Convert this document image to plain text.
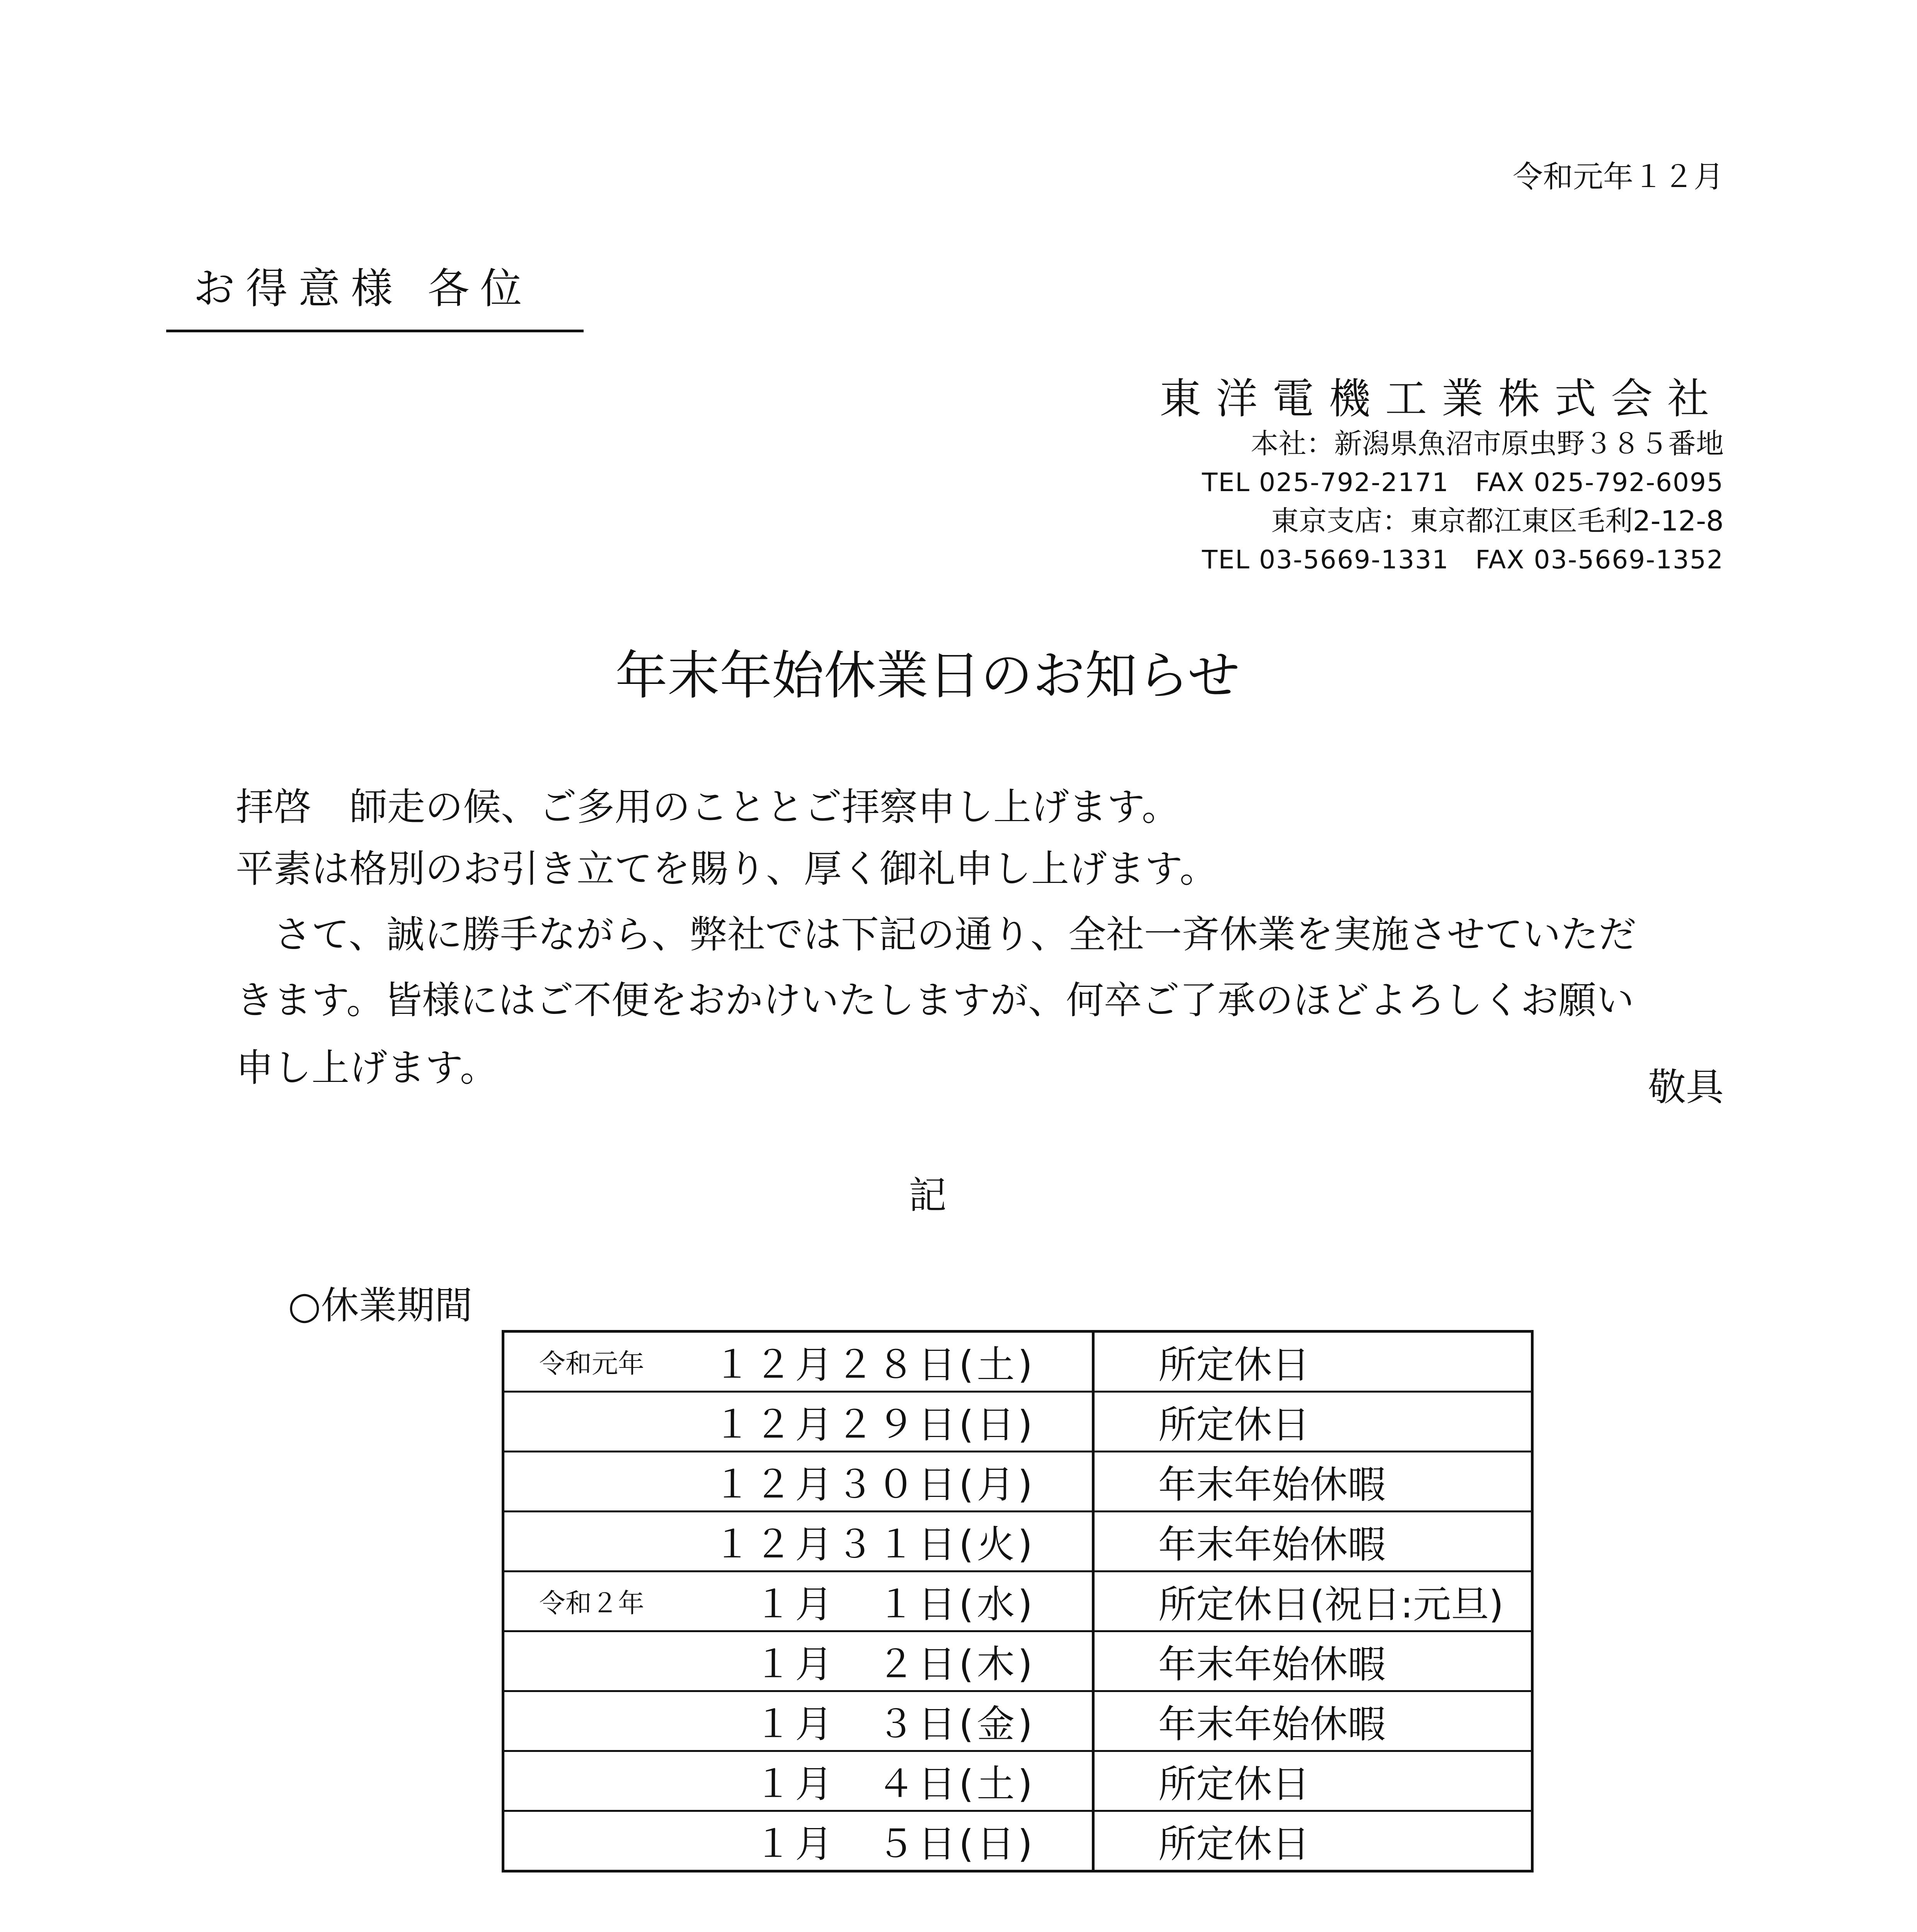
令和元年１２月
お得意様 各位
東洋電機工業株式会社
本社：新潟県魚沼市原虫野３８５番地
TEL 025-792-2171　FAX 025-792-6095
東京支店：東京都江東区毛利2-12-8
TEL 03-5669-1331　FAX 03-5669-1352
年末年始休業日のお知らせ
拝啓　師走の候、ご多用のこととご拝察申し上げます。
平素は格別のお引き立てを賜り、厚く御礼申し上げます。
　さて、誠に勝手ながら、弊社では下記の通り、全社一斉休業を実施させていただ
きます。皆様にはご不便をおかけいたしますが、何卒ご了承のほどよろしくお願い
申し上げます。	敬具
記
○休業期間
令和元年 １２月２８日(土)	所定休日

１２月２９日(日)	所定休日

１２月３０日(月)	年末年始休暇

１２月３１日(火)	年末年始休暇

令和２年 　１月　１日(水)	所定休日(祝日:元旦)

　１月　２日(木)	年末年始休暇

　１月　３日(金)	年末年始休暇

　１月　４日(土)	所定休日

　１月　５日(日)	所定休日
